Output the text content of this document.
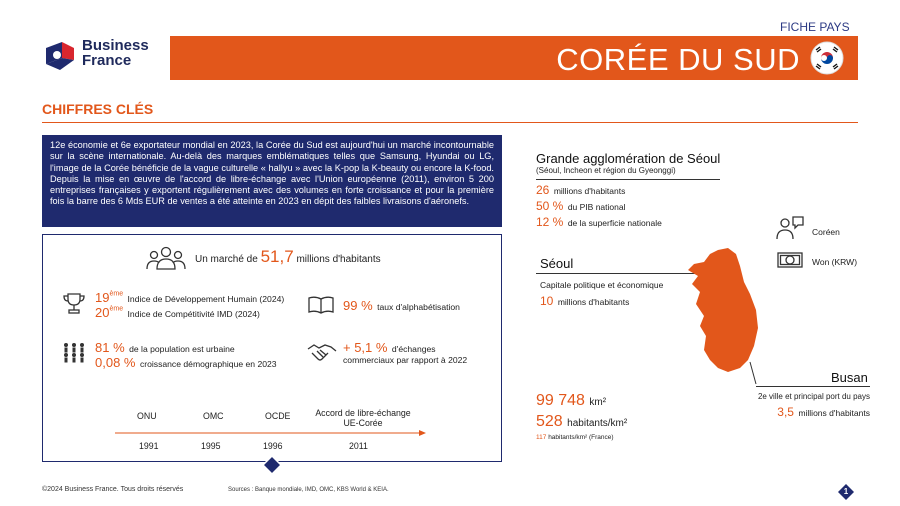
Business
France
FICHE PAYS
CORÉE DU SUD
CHIFFRES CLÉS
12e économie et 6e exportateur mondial en 2023, la Corée du Sud est aujourd'hui un marché incontournable sur la scène internationale. Au-delà des marques emblématiques telles que Samsung, Hyundai ou LG, l'image de la Corée bénéficie de la vague culturelle « hallyu » avec la K-pop la K-beauty ou encore la K-food. Depuis la mise en œuvre de l'accord de libre-échange avec l'Union européenne (2011), environ 5 200 entreprises françaises y exportent régulièrement avec des volumes en forte croissance et pour la première fois la barre des 6 Mds EUR de ventes a été atteinte en 2023 en dépit des faibles livraisons d'aéronefs.
Un marché de 51,7 millions d'habitants
19ème Indice de Développement Humain (2024)
20ème Indice de Compétitivité IMD (2024)
99 % taux d'alphabétisation
81 % de la population est urbaine
0,08 % croissance démographique en 2023
+ 5,1 % d'échanges
commerciaux par rapport à 2022
ONU	OMC	OCDE	Accord de libre-échange
UE-Corée
1991	1995	1996	2011
Grande agglomération de Séoul
(Séoul, Incheon et région du Gyeonggi)
26 millions d'habitants
50 % du PIB national
12 % de la superficie nationale
Coréen
Won (KRW)
Séoul
Capitale politique et économique
10 millions d'habitants
Busan
2e ville et principal port du pays
3,5 millions d'habitants
99 748 km²
528 habitants/km²
117 habitants/km² (France)
©2024 Business France. Tous droits réservés	Sources : Banque mondiale, IMD, OMC, KBS World & KEIA.	1
